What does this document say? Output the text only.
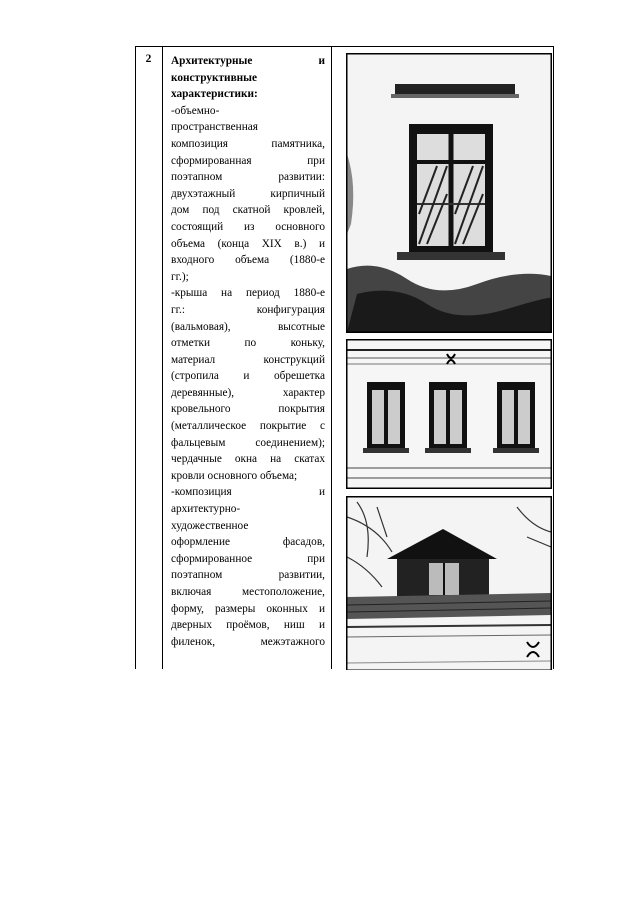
2	Архитектурные и

конструктивные

характеристики:

-объемно-

пространственная

композиция памятника,

сформированная при

поэтапном развитии:

двухэтажный кирпичный

дом под скатной кровлей,

состоящий из основного

объема (конца XIX в.) и

входного объема (1880-е

гг.);

-крыша на период 1880-е

гг.: конфигурация

(вальмовая), высотные

отметки по коньку,

материал конструкций

(стропила и обрешетка

деревянные), характер

кровельного покрытия

(металлическое покрытие с

фальцевым соединением);

чердачные окна на скатах

кровли основного объема;

-композиция и

архитектурно-

художественное

оформление фасадов,

сформированное при

поэтапном развитии,

включая местоположение,

форму, размеры оконных и

дверных проёмов, ниш и

филенок, межэтажного
